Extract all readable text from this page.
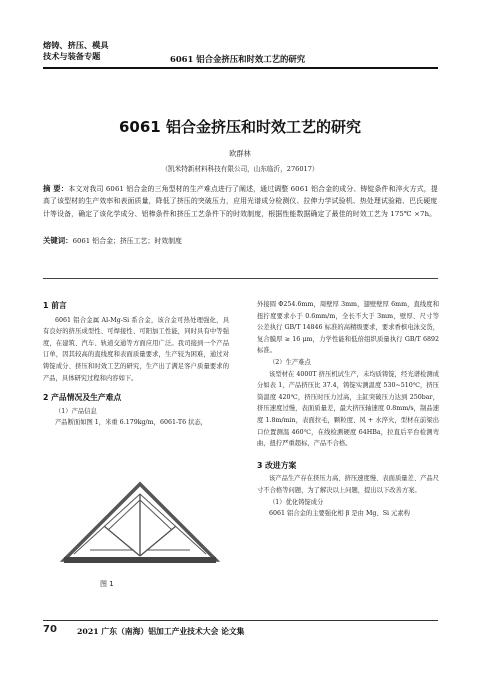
熔铸、挤压、模具
技术与装备专题	6061 铝合金挤压和时效工艺的研究
6061 铝合金挤压和时效工艺的研究
欧群林
（凯米特新材料科技有限公司，山东临沂，276017）
摘 要：本文对我司 6061 铝合金的三角型材的生产难点进行了阐述，通过调整 6061 铝合金的成分、铸锭条件和淬火方式，提高了该型材的生产效率和表面质量，降低了挤压的突破压力，应用光谱成分检测仪、拉伸力学试验机、热处理试验箱、巴氏硬度计等设备，确定了该化学成分、铝棒条件和挤压工艺条件下的时效制度，根据性能数据确定了最佳的时效工艺为 175℃ ×7h。
关键词：6061 铝合金；挤压工艺；时效制度
1 前言

6061 铝合金属 Al-Mg-Si 系合金，该合金可热处理强化，具有良好的挤压成型性、可焊接性、可阳加工性能，同时具有中等强度，在建筑、汽车、轨道交通等方面应用广泛。我司接到一个产品订单，因其较高的直线度和表面质量要求，生产较为困难，通过对铸锭成分、挤压和时效工艺的研究，生产出了满足客户质量要求的产品，具体研究过程和内容如下。

2 产品情况及生产难点

（1）产品信息

产品断面如图 1，米重 6.179kg/m，6061-T6 状态，

图 1

外接圆 Φ254.6mm，周壁厚 3mm，翅壁壁厚 6mm，直线度和扭拧度要求小于 0.6mm/m，全长不大于 3mm，壁厚、尺寸等公差执行 GB/T 14846 标准的高精级要求，要求香槟电泳交货，复合膜厚 ≥ 16 μm，力学性能和低倍组织质量执行 GB/T 6892 标准。

（2）生产难点

该型材在 4000T 挤压机试生产，未均质铸锭，经光谱检测成分如表 1，产品挤压比 37.4，铸锭实测温度 530~510℃，挤压筒温度 420℃，挤压时压力过高，主缸突破压力达到 250bar，挤压速度过慢，表面质量差，最大挤压轴速度 0.8mm/s，制品速度 1.8m/min，表面拉毛，颗粒度、风 + 水淬火，型材在前梁出口位置测温 460℃，在线检测硬度 64HBa，拉直后平台检测弯曲，扭拧严重超标，产品不合格。

3 改进方案

该产品生产存在挤压力高、挤压速度慢、表面质量差、产品尺寸不合格等问题，为了解决以上问题，提出以下改善方案。

（1）优化铸锭成分

6061 铝合金的主要强化相 β 是由 Mg、Si 元素构

70	2021 广东（南海）铝加工产业技术大会 论文集
